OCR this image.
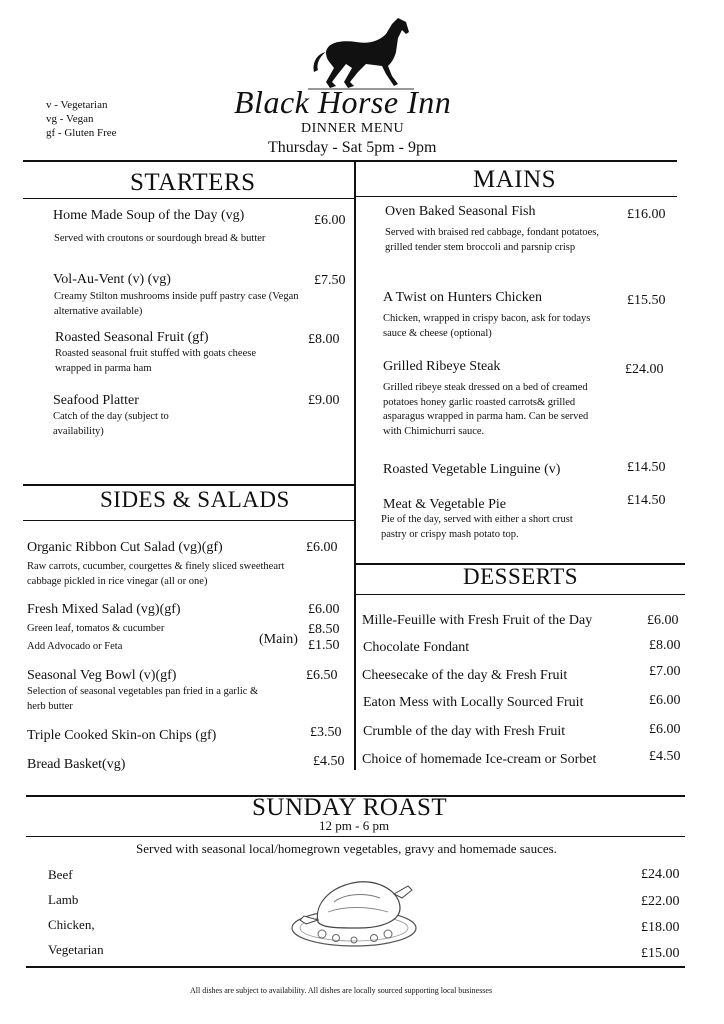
Black Horse Inn
DINNER MENU
Thursday - Sat 5pm - 9pm
v - Vegetarian
vg - Vegan
gf - Gluten Free
STARTERS
Home Made Soup of the Day (vg)	£6.00
Served with croutons or sourdough bread & butter
Vol-Au-Vent (v) (vg)	£7.50
Creamy Stilton mushrooms inside puff pastry case (Vegan alternative available)
Roasted Seasonal Fruit (gf)	£8.00
Roasted seasonal fruit stuffed with goats cheese wrapped in parma ham
Seafood Platter	£9.00
Catch of the day (subject to availability)
SIDES & SALADS
Organic Ribbon Cut Salad (vg)(gf)	£6.00
Raw carrots, cucumber, courgettes & finely sliced sweetheart cabbage pickled in rice vinegar (all or one)
Fresh Mixed Salad (vg)(gf)	£6.00
Green leaf, tomatos & cucumber	£8.50
Add Advocado or Feta	(Main) £1.50
Seasonal Veg Bowl (v)(gf)	£6.50
Selection of seasonal vegetables pan fried in a garlic & herb butter
Triple Cooked Skin-on Chips (gf)	£3.50
Bread Basket(vg)	£4.50
MAINS
Oven Baked Seasonal Fish	£16.00
Served with braised red cabbage, fondant potatoes, grilled tender stem broccoli and parsnip crisp
A Twist on Hunters Chicken	£15.50
Chicken, wrapped in crispy bacon, ask for todays sauce & cheese (optional)
Grilled Ribeye Steak	£24.00
Grilled ribeye steak dressed on a bed of creamed potatoes honey garlic roasted carrots& grilled asparagus wrapped in parma ham. Can be served with Chimichurri sauce.
Roasted Vegetable Linguine (v)	£14.50
Meat & Vegetable Pie	£14.50
Pie of the day, served with either a short crust pastry or crispy mash potato top.
DESSERTS
Mille-Feuille with Fresh Fruit of the Day	£6.00
Chocolate Fondant	£8.00
Cheesecake of the day & Fresh Fruit	£7.00
Eaton Mess with Locally Sourced Fruit	£6.00
Crumble of the day with Fresh Fruit	£6.00
Choice of homemade Ice-cream or Sorbet	£4.50
SUNDAY ROAST
12 pm - 6 pm
Served with seasonal local/homegrown vegetables, gravy and homemade sauces.
Beef	£24.00
Lamb	£22.00
Chicken,	£18.00
Vegetarian	£15.00
All dishes are subject to availability. All dishes are locally sourced supporting local businesses
